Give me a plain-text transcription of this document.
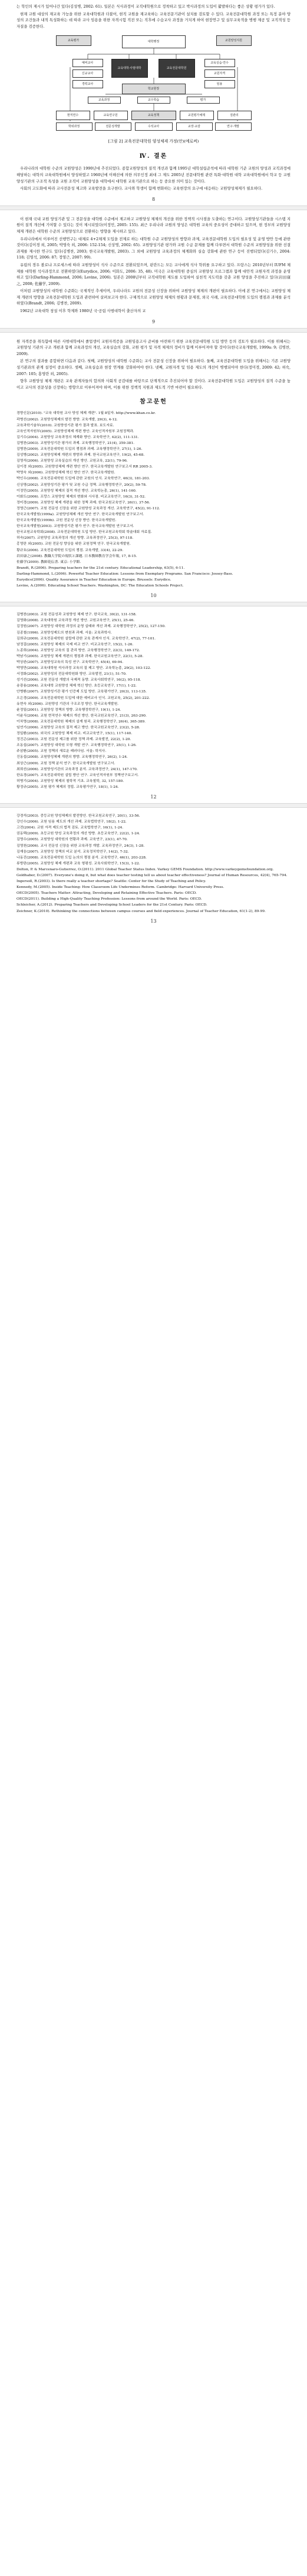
는 학인의 제시가 있어나간 있다(김성병, 2002: 61). 일본은 식사과정이 교직대학원으로 정착하고 있고 박사과정의 도입이 활발하다는 좋은 상황 평가가 있다.

현재 교원 대상의 재교육 가능을 위한 교육대학원과 더불어, 현직 교원을 재교육하는 교육전문기관이 설치를 검토할 수 있다. 교육전문대학원 과정 또는 특정 분야 양성의 조건들과 내적 특성화하는 데 따라 교사 임용을 위한 자격시험 직전 또는 직후에 수습교사 과정을 거치게 하여 현장연구 및 실무교육적을 병행 제공 및 교직적성 등 자질을 검증한다.

대학행정
교육평가	교원양성지원
예비교사
교육대학·사범대학	교육전문대학원
교육실습·연수
신규교사	교원자격
경력교사
학교현장
임용
교육과정	교수학습	평가
현직연수	교육연구원	교육정책	교원평가체제	질관리
학위과정	전문성개발	수석교사	교장·교감	연구·개발
[그림 2] 교육전문대학원 양성체제 가정(안)(예로써)
Ⅳ. 결론

우리나라의 대학원 수준의 교원양성은 1990년대 추진되었다. 종합교원양성의 질적 개선과 함께 1995년 대학설립준칙에 따라 대학원 기준 교원의 양성과 교직과정에 해당하는 대학의 교육대학원에서 양성하였고 1960년에 이해선에 의한 의무인정 최대 그 제도 2005년 전문대학원 관련 특화·대학원 대학 교육대학원에서 학교 등 교원 양성기관의 구조적 특성을 교원 조직이 교원양성을 대학에서 대학원 교육기관으로 하는 등 중요한 의미 있는 것이다.

사회의 고도화에 따라 교사전문성 제고와 교육발전을 요구한다. 교사와 학생이 함께 변화하는 교육현장의 요구에 대응하는 교원양성체제가 필요하다.

8

이 현재 국내 교원 양성기관 및 그 전문성을 대학원 수준에서 제고하고 교원양성 체제의 개선을 위한 정책적 시사점을 도출하는 연구이다. 교원양성기관들을 시스템 지원이 질적 개선에 기여할 수 있다는 것이 제시되었다(이정민, 2005: 155). 최근 우리나라 교원의 양성은 대학원 교육의 중요성이 증대하고 있으며, 현 정부의 교원양성 체제 개편은 대학원 수준의 교원양성으로 전환하는 방향을 제시하고 있다.

우리나라에서 이루어진 선행연구는 대체로 4+2체제 도입을 전제로 하는 대학원 수준 교원양성의 방향과 과제, 교육전문대학원 도입의 필요성 및 운영 방안 등에 관한 것이다(김이경 외, 2005; 박영숙 외, 2006: 152-154; 신상명, 2002: 65). 교원양성기관 평가와 교원 수급 문제를 함께 다루면서 대학원 수준의 교원양성을 위한 선결과제를 제시한 연구도 있다(김병찬, 2003; 한국교육개발원, 2003). 그 외에 교원양성 교육과정의 체계화와 실습 강화에 관한 연구 등이 진행되었다(김기수, 2004: 118; 김영석, 2006: 87; 정영근, 2007: 99).

유럽의 경우 볼로냐 프로세스에 따라 교원양성이 석사 수준으로 전환되었으며, 핀란드는 모든 교사에게 석사 학위를 요구하고 있다. 프랑스는 2010년부터 IUFM 체제를 대학원 석사과정으로 전환하였다(Eurydice, 2006; 이화도, 2006: 35, 48). 미국은 교육대학원 중심의 교원양성 프로그램과 함께 대안적 교원자격 과정을 운영하고 있다(Darling-Hammond, 2006; Levine, 2006). 일본은 2008년부터 교직대학원 제도를 도입하여 실천적 지도력을 갖춘 교원 양성을 추진하고 있다(岩田康之, 2008; 佐藤学, 2009).

이처럼 교원양성의 대학원 수준화는 국제적인 추세이며, 우리나라도 교원의 전문성 신장을 위하여 교원양성 체제의 개편이 필요하다. 이에 본 연구에서는 교원양성 체제 개편의 방향을 교육전문대학원 도입과 관련하여 살펴보고자 한다. 구체적으로 교원양성 체제의 현황과 문제점, 외국 사례, 교육전문대학원 도입의 쟁점과 과제를 분석하였다(Brandt, 2006; 김병찬, 2009).

1962년 교육대학 창설 이후 학제와 1980년 국·공립 사범대학이 출산자의 교

9

원 자격증을 취득함에 따른 사범대학에서 졸업생이 교원자격증을 교원임용고사 준비를 마련하기 위한 교육전문대학원 도입 방안 등의 검토가 필요하다. 이를 위해서는 교원양성 기관의 구조 개편과 함께 교육과정의 개선, 교육실습의 강화, 교원 평가 및 자격 체제의 정비가 함께 이루어져야 할 것이다(한국교육개발원, 1999a: 9; 김병찬, 2009).

본 연구의 결과를 종합하면 다음과 같다. 첫째, 교원양성의 대학원 수준화는 교사 전문성 신장을 위하여 필요하다. 둘째, 교육전문대학원 도입을 위해서는 기존 교원양성기관과의 관계 설정이 중요하다. 셋째, 교육실습과 현장 연계를 강화하여야 한다. 넷째, 교원자격 및 임용 제도의 개선이 병행되어야 한다(정미경, 2009: 42; 허숙, 2007: 105; 홍영란 외, 2005).

향후 교원양성 체제 개편은 교육 관계자들의 합의와 사회적 공감대를 바탕으로 단계적으로 추진되어야 할 것이다. 교육전문대학원 도입은 교원양성의 질적 수준을 높이고 교사의 전문성을 신장하는 방향으로 이루어져야 하며, 이를 위한 정책적 지원과 제도적 기반 마련이 필요하다.

참고문헌

경향신문(2010). "교육 대학원 교사 양성 체제 개편". 1월 8일자. http://www.khan.co.kr.

곽병선(2002). 교원양성체제의 발전 방향. 교육개발, 29(3), 4-12.

교육과학기술부(2010). 교원양성기관 평가 결과 발표. 보도자료.

교육인적자원부(2005). 교원양성체제 개편 방안. 교육인적자원부 교원정책과.

김기수(2004). 교원양성 교육과정의 체계화 방안. 교육학연구, 42(2), 111-131.

김병찬(2003). 교원양성기관 평가의 과제. 교육행정학연구, 21(4), 359-381.

김병찬(2009). 교육전문대학원 도입의 쟁점과 과제. 교육행정학연구, 27(1), 1-26.

김성병(2002). 교원양성체제 개편의 방향과 과제. 한국교원교육연구, 19(2), 45-68.

김영석(2006). 교원양성 교육실습의 개선 방안. 교원교육, 22(1), 79-96.

김이경 외(2005). 교원양성체제 개편 방안 연구. 한국교육개발원 연구보고서 RR 2005-3.

박영숙 외(2006). 교원양성체제 혁신 방안 연구. 한국교육개발원.

박인우(2008). 교육전문대학원 도입에 관한 교원의 인식. 교육학연구, 46(3), 181-203.

신상명(2002). 교원양성기관 평가 및 교원 수급 정책. 교육행정학연구, 20(2), 59-78.

이정민(2005). 교원양성 체제의 질적 개선 방안. 교육학논총, 26(1), 141-160.

이화도(2006). 프랑스 교원양성 체제의 변화와 시사점. 비교교육연구, 16(3), 31-52.

정미경(2009). 교원양성 체제 개편을 위한 정책 과제. 한국교원교육연구, 26(1), 37-56.

정영근(2007). 교원 전문성 신장을 위한 교원양성 교육과정 개선. 교육학연구, 45(2), 91-112.

한국교육개발원(1999a). 교원양성체제 개선 방안 연구. 한국교육개발원 연구보고서.

한국교육개발원(1999b). 교원 전문성 신장 방안. 한국교육개발원.

한국교육개발원(2003). 교원양성기관 평가 연구. 한국교육개발원 연구보고서.

한국교원교육학회(2008). 교육전문대학원 도입 방안. 한국교원교육학회 학술대회 자료집.

허숙(2007). 교원양성 교육과정의 개선 방향. 교육과정연구, 25(3), 97-118.

홍영란 외(2005). 교원 전문성 향상을 위한 교원정책 연구. 한국교육개발원.

황규호(2006). 교육전문대학원 도입의 쟁점. 교육개발, 33(4), 22-29.

岩田康之(2008). 教職大学院の現状と課題. 日本教師教育学会年報, 17, 8-15.

佐藤学(2009). 教師花伝書. 東京: 小学館.

Brandt, R.(2006). Preparing teachers for the 21st century. Educational Leadership, 63(5), 6-11.

Darling-Hammond, L.(2006). Powerful Teacher Education: Lessons from Exemplary Programs. San Francisco: Jossey-Bass.

Eurydice(2006). Quality Assurance in Teacher Education in Europe. Brussels: Eurydice.

Levine, A.(2006). Educating School Teachers. Washington, DC: The Education Schools Project.

10

김병찬(2003). 교원 전문성과 교원양성 체제 연구. 한국교육, 30(2), 131-158.

김영화(2008). 교육대학원 교육과정 개선 방안. 교원교육연구, 25(1), 25-46.

김정원(2007). 교원양성 대학원 과정의 운영 실태와 개선 과제. 교육행정학연구, 25(2), 127-150.

김종철(1996). 교원양성제도의 변천과 과제. 서울: 교육과학사.

김희규(2009). 교육전문대학원 설립에 관한 교육 관계자 인식. 교육학연구, 47(2), 77-101.

남정걸(2005). 교원양성 체제의 국제 비교 연구. 비교교육연구, 15(2), 1-26.

노종희(2004). 교원양성 교육의 질 관리 방안. 교육행정학연구, 22(3), 149-172.

박남기(2005). 교원양성 체제 개편의 쟁점과 과제. 한국교원교육연구, 22(1), 5-28.

박상완(2007). 교원양성교육의 특성 연구. 교육학연구, 45(4), 69-94.

박영만(2008). 교육대학원 석사과정 교육의 질 제고 방안. 교육학논총, 29(2), 103-122.

서정화(2002). 교원양성의 전문대학원화 방안. 교육발전, 21(1), 51-70.

성기선(2006). 교원 전문성 개발의 국제적 동향. 교육사회학연구, 16(2), 95-118.

송광용(2004). 교육대학 교원양성 체제 혁신 방안. 초등교육연구, 17(1), 1-22.

안병환(2007). 교원양성기관 평가 인증제 도입 방안. 교육평가연구, 20(3), 113-135.

오은경(2009). 교육전문대학원 도입에 대한 예비교사 인식. 교원교육, 25(2), 201-222.

유현숙 외(2006). 교원양성 기관의 구조조정 방안. 한국교육개발원.

윤정일(2001). 교원양성 정책의 방향. 교육행정학연구, 19(1), 1-24.

이윤식(2004). 교원 현직연수 체제의 개선 방안. 한국교원교육연구, 21(3), 263-290.

이차영(2008). 교육전문대학원 체제의 설계 원리. 교육행정학연구, 26(4), 365-389.

임연기(2006). 교원양성 교육의 질적 제고 방안. 한국교원교육연구, 23(2), 5-28.

정일환(2005). 외국의 교원양성 체제 비교. 비교교육연구, 15(1), 117-140.

정진곤(2003). 교원 전문성 제고를 위한 정책 과제. 교육발전, 22(2), 1-20.

조동섭(2007). 교원양성 대학원 모형 개발 연구. 교육행정학연구, 25(1), 1-26.

주삼환(2005). 교원 정책의 새로운 패러다임. 서울: 학지사.

진동섭(2008). 교원양성체제 개편의 방향. 교육행정학연구, 26(2), 1-24.

최상근(2009). 교원 정책 분석 연구. 한국교육개발원 연구보고서.

최희선(2006). 교원양성기관의 교육과정 분석. 교육과정연구, 24(1), 147-170.

한유경(2007). 교육전문대학원 설립 방안 연구. 교육인적자원부 정책연구보고서.

허병기(2004). 교원양성 체제의 철학적 기초. 교육철학, 32, 157-180.

황정규(2005). 교원 평가 체제의 정립. 교육평가연구, 18(1), 1-24.

12

강경석(2003). 중등교원 양성체제의 발전방안. 한국교원교육연구, 20(1), 33-56.

강인수(2006). 교원 임용 제도의 개선 과제. 교육법학연구, 18(2), 1-22.

고전(2004). 교원 자격 제도의 법적 검토. 교육법학연구, 16(1), 1-24.

권동택(2009). 초등교원 양성 교육과정의 개선 방향. 초등교육연구, 22(2), 1-24.

김명수(2005). 교원양성 대학원의 현황과 과제. 교육연구, 23(1), 47-70.

김영천(2006). 교사 전문성 신장을 위한 교육과정 개발. 교육과정연구, 24(3), 1-28.

김재웅(2007). 교원양성 정책의 비교 분석. 교육정치학연구, 14(2), 7-32.

나동진(2008). 교육전문대학원 도입 논의의 쟁점 분석. 교육학연구, 46(1), 203-228.

류방란(2005). 교원양성 체제 개편과 교육 형평성. 교육사회학연구, 15(3), 1-22.

Dolton, P. & Marcenaro-Gutierrez, O.(2011). 2011 Global Teacher Status Index. Varkey GEMS Foundation. http://www.varkeygemsfoundation.org.

Goldhaber, D.(2007). Everyone's doing it, but what does teacher testing tell us about teacher effectiveness? Journal of Human Resources, 42(4), 765-794.

Ingersoll, R.(2003). Is there really a teacher shortage? Seattle: Center for the Study of Teaching and Policy.

Kennedy, M.(2005). Inside Teaching: How Classroom Life Undermines Reform. Cambridge: Harvard University Press.

OECD(2005). Teachers Matter: Attracting, Developing and Retaining Effective Teachers. Paris: OECD.

OECD(2011). Building a High-Quality Teaching Profession: Lessons from around the World. Paris: OECD.

Schleicher, A.(2012). Preparing Teachers and Developing School Leaders for the 21st Century. Paris: OECD.

Zeichner, K.(2010). Rethinking the connections between campus courses and field experiences. Journal of Teacher Education, 61(1-2), 89-99.

13
